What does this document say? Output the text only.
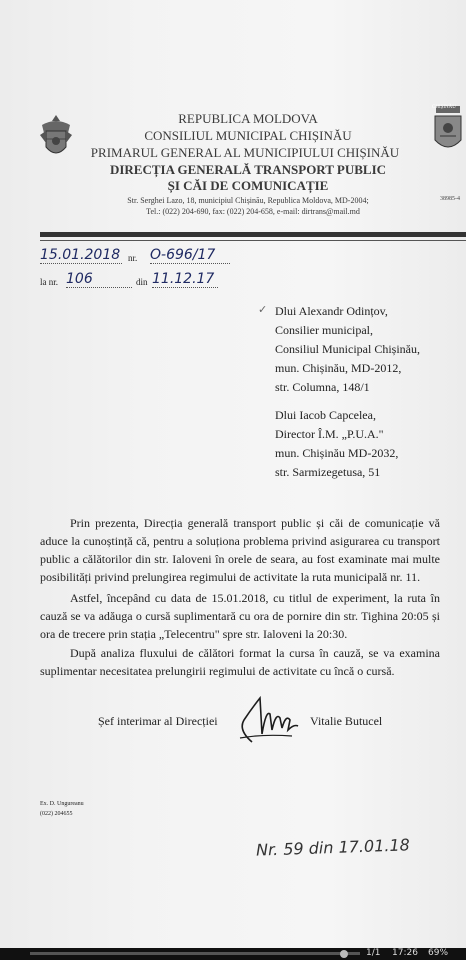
CHIȘINĂU
REPUBLICA MOLDOVA
CONSILIUL MUNICIPAL CHIȘINĂU
PRIMARUL GENERAL AL MUNICIPIULUI CHIȘINĂU
DIRECȚIA GENERALĂ TRANSPORT PUBLIC
ȘI CĂI DE COMUNICAȚIE
Str. Serghei Lazo, 18, municipiul Chișinău, Republica Moldova, MD-2004;
Tel.: (022) 204-690, fax: (022) 204-658, e-mail: dirtrans@mail.md
38985-4
15.01.2018 nr. O-696/17
la nr. 106	din 11.12.17
✓ Dlui Alexandr Odințov,
Consilier municipal,
Consiliul Municipal Chișinău,
mun. Chișinău, MD-2012,
str. Columna, 148/1
Dlui Iacob Capcelea,
Director Î.M. „P.U.A."
mun. Chișinău MD-2032,
str. Sarmizegetusa, 51
Prin prezenta, Direcția generală transport public și căi de comunicație vă aduce la cunoștință că, pentru a soluționa problema privind asigurarea cu transport public a călătorilor din str. Ialoveni în orele de seara, au fost examinate mai multe posibilități privind prelungirea regimului de activitate la ruta municipală nr. 11.
Astfel, începând cu data de 15.01.2018, cu titlul de experiment, la ruta în cauză se va adăuga o cursă suplimentară cu ora de pornire din str. Tighina 20:05 și ora de trecere prin stația „Telecentru" spre str. Ialoveni la 20:30.
După analiza fluxului de călători format la cursa în cauză, se va examina suplimentar necesitatea prelungirii regimului de activitate cu încă o cursă.
Șef interimar al Direcției	Vitalie Butucel
Ex. D. Ungureanu
(022) 204655
Nr. 59 din 17.01.18
1/1 17:26 69%
